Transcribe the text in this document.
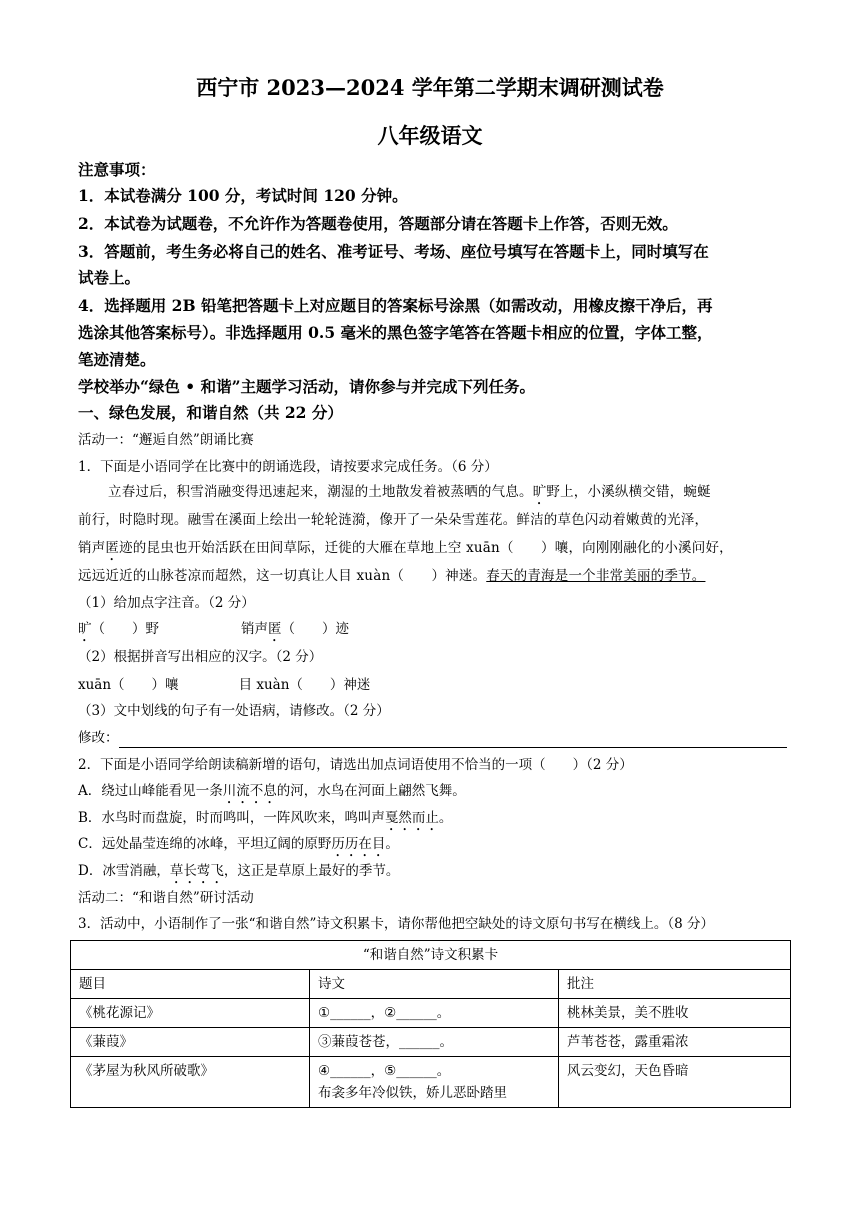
西宁市 2023—2024 学年第二学期末调研测试卷
八年级语文
注意事项：
1．本试卷满分 100 分，考试时间 120 分钟。
2．本试卷为试题卷，不允许作为答题卷使用，答题部分请在答题卡上作答，否则无效。
3．答题前，考生务必将自己的姓名、准考证号、考场、座位号填写在答题卡上，同时填写在
试卷上。
4．选择题用 2B 铅笔把答题卡上对应题目的答案标号涂黑（如需改动，用橡皮擦干净后，再
选涂其他答案标号）。非选择题用 0.5 毫米的黑色签字笔答在答题卡相应的位置，字体工整，
笔迹清楚。
学校举办“绿色 • 和谐”主题学习活动，请你参与并完成下列任务。
一、绿色发展，和谐自然（共 22 分）
活动一：“邂逅自然”朗诵比赛
1．下面是小语同学在比赛中的朗诵选段，请按要求完成任务。（6 分）
立春过后，积雪消融变得迅速起来，潮湿的土地散发着被蒸晒的气息。旷野上，小溪纵横交错，蜿蜒
前行，时隐时现。融雪在溪面上绘出一轮轮涟漪，像开了一朵朵雪莲花。鲜洁的草色闪动着嫩黄的光泽，
销声匿迹的昆虫也开始活跃在田间草际，迁徙的大雁在草地上空 xuān（　　）嚷，向刚刚融化的小溪问好，
远远近近的山脉苍凉而超然，这一切真让人目 xuàn（　　）神迷。春天的青海是一个非常美丽的季节。
（1）给加点字注音。（2 分）
旷（　　）野	销声匿（　　）迹
（2）根据拼音写出相应的汉字。（2 分）
xuān（　　）嚷	目 xuàn（　　）神迷
（3）文中划线的句子有一处语病，请修改。（2 分）
修改：
2．下面是小语同学给朗读稿新增的语句，请选出加点词语使用不恰当的一项（　　）（2 分）
A．绕过山峰能看见一条川流不息的河，水鸟在河面上翩然飞舞。
B．水鸟时而盘旋，时而鸣叫，一阵风吹来，鸣叫声戛然而止。
C．远处晶莹连绵的冰峰，平坦辽阔的原野历历在目。
D．冰雪消融，草长莺飞，这正是草原上最好的季节。
活动二：“和谐自然”研讨活动
3．活动中，小语制作了一张“和谐自然”诗文积累卡，请你帮他把空缺处的诗文原句书写在横线上。（8 分）
“和谐自然”诗文积累卡		
题目	诗文	批注
《桃花源记》	①______，②______。	桃林美景，美不胜收
《蒹葭》	③蒹葭苍苍，______。	芦苇苍苍，露重霜浓
《茅屋为秋风所破歌》	④______，⑤______。
布衾多年冷似铁，娇儿恶卧踏里	风云变幻，天色昏暗
